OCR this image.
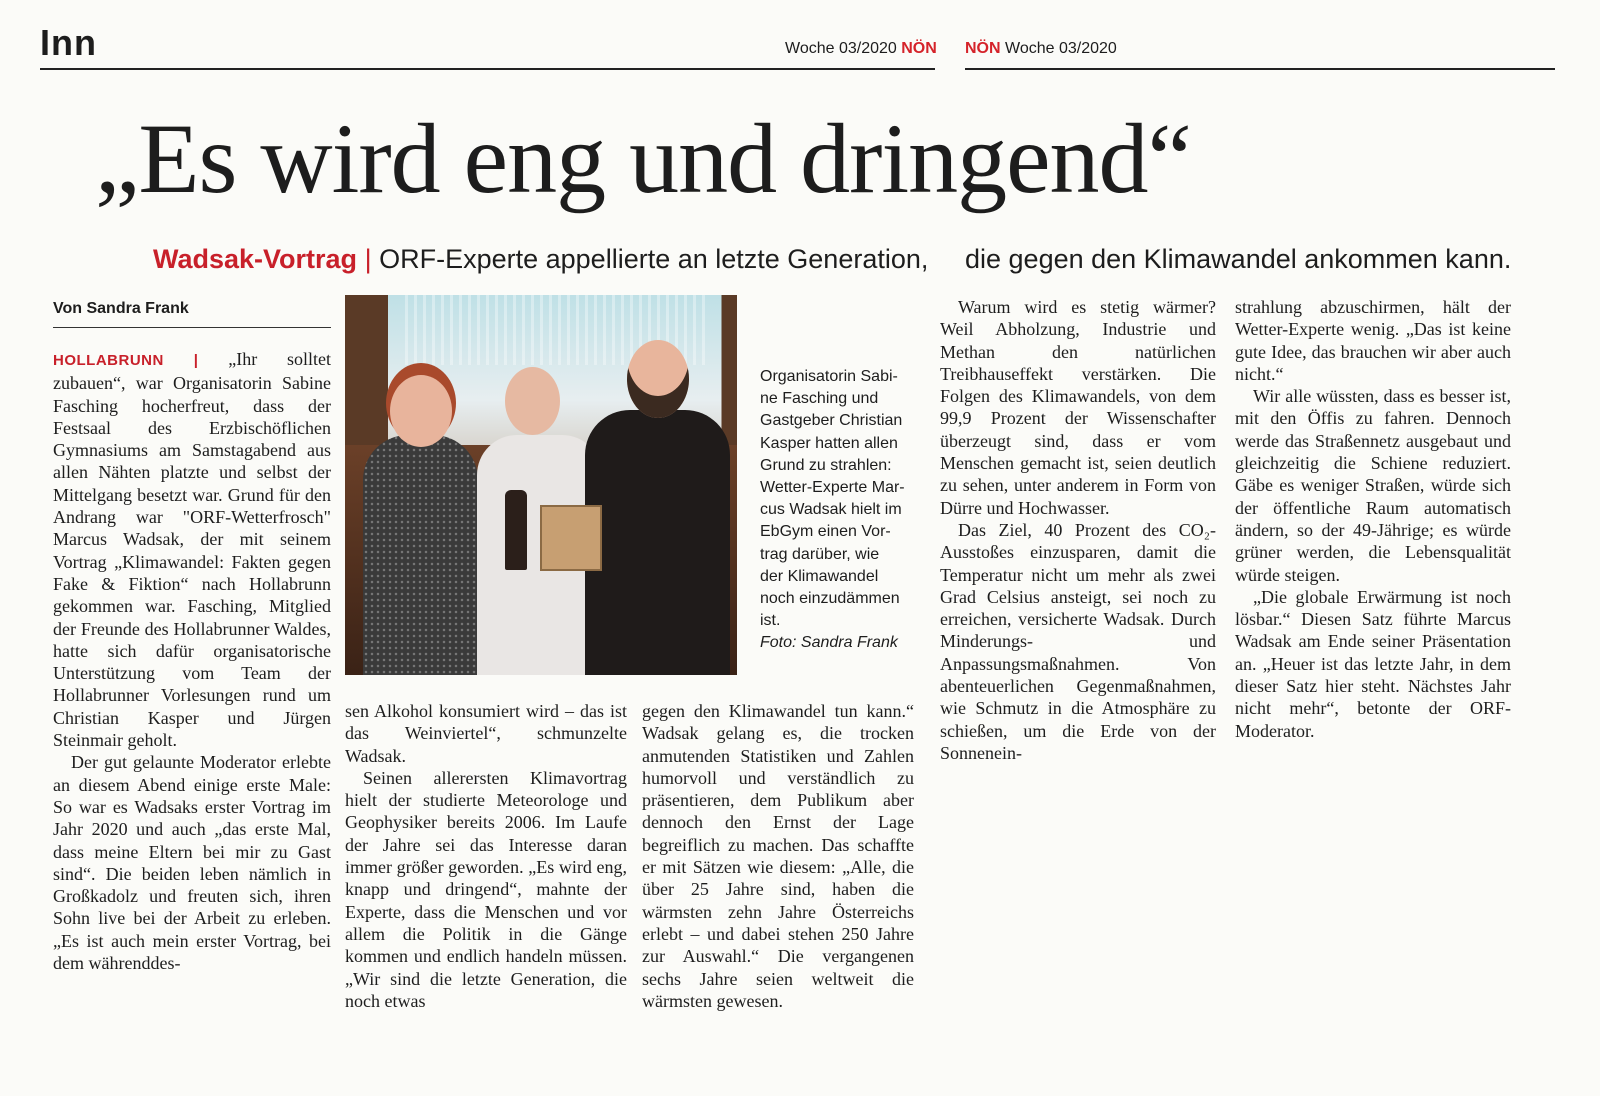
Inn	Woche 03/2020 NÖN NÖN Woche 03/2020
„Es wird eng und dringend“
Wadsak-Vortrag | ORF-Experte appellierte an letzte Generation, die gegen den Klimawandel ankommen kann.
Von Sandra Frank

HOLLABRUNN | „Ihr solltet zubauen“, war Organisatorin Sabine Fasching hocherfreut, dass der Festsaal des Erzbischöflichen Gymnasiums am Samstagabend aus allen Nähten platzte und selbst der Mittelgang besetzt war. Grund für den Andrang war "ORF-Wetterfrosch" Marcus Wadsak, der mit seinem Vortrag „Klimawandel: Fakten gegen Fake & Fiktion“ nach Hollabrunn gekommen war. Fasching, Mitglied der Freunde des Hollabrunner Waldes, hatte sich dafür organisatorische Unterstützung vom Team der Hollabrunner Vorlesungen rund um Christian Kasper und Jürgen Steinmair geholt.

Der gut gelaunte Moderator erlebte an diesem Abend einige erste Male: So war es Wadsaks erster Vortrag im Jahr 2020 und auch „das erste Mal, dass meine Eltern bei mir zu Gast sind“. Die beiden leben nämlich in Großkadolz und freuten sich, ihren Sohn live bei der Arbeit zu erleben. „Es ist auch mein erster Vortrag, bei dem währenddes-

Organisatorin Sabi-
ne Fasching und
Gastgeber Christian
Kasper hatten allen
Grund zu strahlen:
Wetter-Experte Mar-
cus Wadsak hielt im
EbGym einen Vor-
trag darüber, wie
der Klimawandel
noch einzudämmen
ist.
Foto: Sandra Frank

sen Alkohol konsumiert wird – das ist das Weinviertel“, schmunzelte Wadsak.

Seinen allerersten Klimavortrag hielt der studierte Meteorologe und Geophysiker bereits 2006. Im Laufe der Jahre sei das Interesse daran immer größer geworden. „Es wird eng, knapp und dringend“, mahnte der Experte, dass die Menschen und vor allem die Politik in die Gänge kommen und endlich handeln müssen. „Wir sind die letzte Generation, die noch etwas

gegen den Klimawandel tun kann.“ Wadsak gelang es, die trocken anmutenden Statistiken und Zahlen humorvoll und verständlich zu präsentieren, dem Publikum aber dennoch den Ernst der Lage begreiflich zu machen. Das schaffte er mit Sätzen wie diesem: „Alle, die über 25 Jahre sind, haben die wärmsten zehn Jahre Österreichs erlebt – und dabei stehen 250 Jahre zur Auswahl.“ Die vergangenen sechs Jahre seien weltweit die wärmsten gewesen.

Warum wird es stetig wärmer? Weil Abholzung, Industrie und Methan den natürlichen Treibhauseffekt verstärken. Die Folgen des Klimawandels, von dem 99,9 Prozent der Wissenschafter überzeugt sind, dass er vom Menschen gemacht ist, seien deutlich zu sehen, unter anderem in Form von Dürre und Hochwasser.

Das Ziel, 40 Prozent des CO₂-Ausstoßes einzusparen, damit die Temperatur nicht um mehr als zwei Grad Celsius ansteigt, sei noch zu erreichen, versicherte Wadsak. Durch Minderungs- und Anpassungsmaßnahmen. Von abenteuerlichen Gegenmaßnahmen, wie Schmutz in die Atmosphäre zu schießen, um die Erde von der Sonnenein-

strahlung abzuschirmen, hält der Wetter-Experte wenig. „Das ist keine gute Idee, das brauchen wir aber auch nicht.“

Wir alle wüssten, dass es besser ist, mit den Öffis zu fahren. Dennoch werde das Straßennetz ausgebaut und gleichzeitig die Schiene reduziert. Gäbe es weniger Straßen, würde sich der öffentliche Raum automatisch ändern, so der 49-Jährige; es würde grüner werden, die Lebensqualität würde steigen.

„Die globale Erwärmung ist noch lösbar.“ Diesen Satz führte Marcus Wadsak am Ende seiner Präsentation an. „Heuer ist das letzte Jahr, in dem dieser Satz hier steht. Nächstes Jahr nicht mehr“, betonte der ORF-Moderator.
